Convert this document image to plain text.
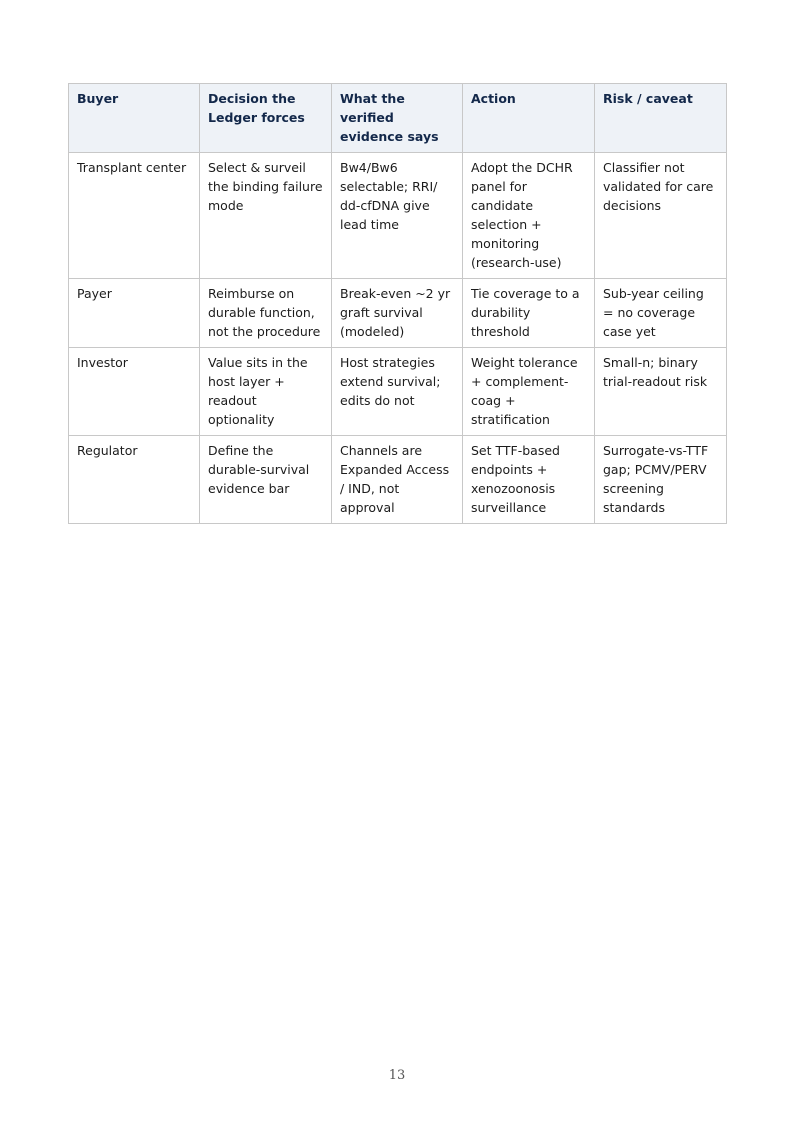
Buyer	Decision the Ledger forces	What the verified evidence says	Action	Risk / caveat
Transplant center	Select & surveil the binding failure mode	Bw4/Bw6 selectable; RRI/ dd-cfDNA give lead time	Adopt the DCHR panel for candidate selection + monitoring (research-use)	Classifier not validated for care decisions
Payer	Reimburse on durable function, not the procedure	Break-even ~2 yr graft survival (modeled)	Tie coverage to a durability threshold	Sub-year ceiling = no coverage case yet
Investor	Value sits in the host layer + readout optionality	Host strategies extend survival; edits do not	Weight tolerance + complement-coag + stratification	Small-n; binary trial-readout risk
Regulator	Define the durable-survival evidence bar	Channels are Expanded Access / IND, not approval	Set TTF-based endpoints + xenozoonosis surveillance	Surrogate-vs-TTF gap; PCMV/PERV screening standards
13
